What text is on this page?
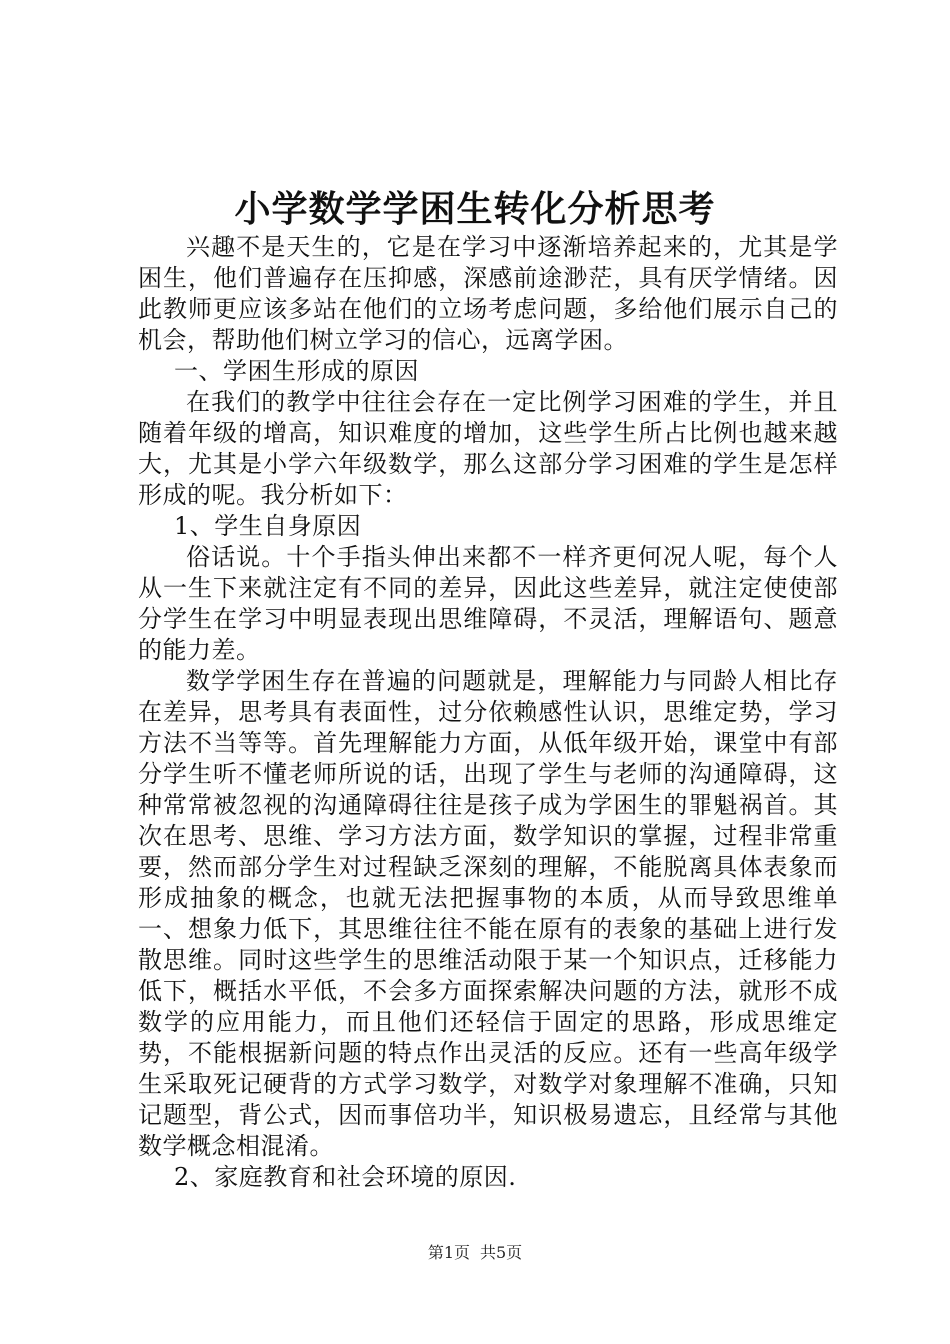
小学数学学困生转化分析思考

兴趣不是天生的，它是在学习中逐渐培养起来的，尤其是学困生，他们普遍存在压抑感，深感前途渺茫，具有厌学情绪。因此教师更应该多站在他们的立场考虑问题，多给他们展示自己的机会，帮助他们树立学习的信心，远离学困。

一、学困生形成的原因

在我们的教学中往往会存在一定比例学习困难的学生，并且随着年级的增高，知识难度的增加，这些学生所占比例也越来越大，尤其是小学六年级数学，那么这部分学习困难的学生是怎样形成的呢。我分析如下：

1、学生自身原因

俗话说。十个手指头伸出来都不一样齐更何况人呢，每个人从一生下来就注定有不同的差异，因此这些差异，就注定使使部分学生在学习中明显表现出思维障碍，不灵活，理解语句、题意的能力差。

数学学困生存在普遍的问题就是，理解能力与同龄人相比存在差异，思考具有表面性，过分依赖感性认识，思维定势，学习方法不当等等。首先理解能力方面，从低年级开始，课堂中有部分学生听不懂老师所说的话，出现了学生与老师的沟通障碍，这种常常被忽视的沟通障碍往往是孩子成为学困生的罪魁祸首。其次在思考、思维、学习方法方面，数学知识的掌握，过程非常重要，然而部分学生对过程缺乏深刻的理解，不能脱离具体表象而形成抽象的概念，也就无法把握事物的本质，从而导致思维单一、想象力低下，其思维往往不能在原有的表象的基础上进行发散思维。同时这些学生的思维活动限于某一个知识点，迁移能力低下，概括水平低，不会多方面探索解决问题的方法，就形不成数学的应用能力，而且他们还轻信于固定的思路，形成思维定势，不能根据新问题的特点作出灵活的反应。还有一些高年级学生采取死记硬背的方式学习数学，对数学对象理解不准确，只知记题型，背公式，因而事倍功半，知识极易遗忘，且经常与其他数学概念相混淆。

2、家庭教育和社会环境的原因.

第1页 共5页
